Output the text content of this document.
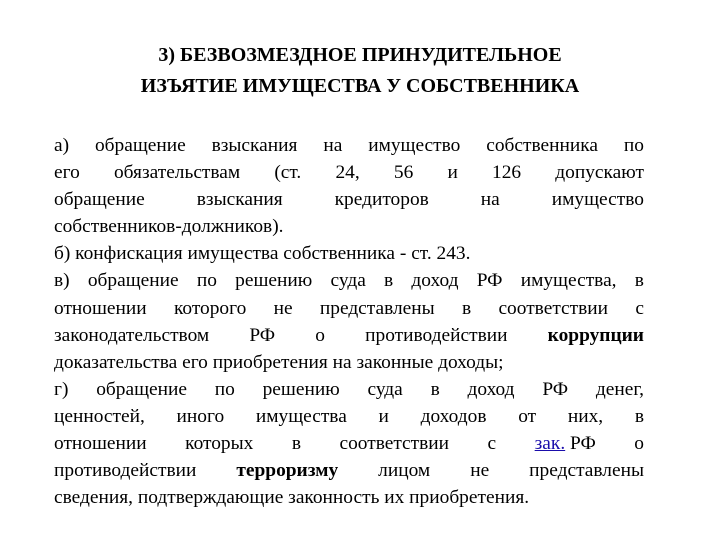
3) БЕЗВОЗМЕЗДНОЕ ПРИНУДИТЕЛЬНОЕ
ИЗЪЯТИЕ ИМУЩЕСТВА У СОБСТВЕННИКА
а) обращение взыскания на имущество собственника по
его обязательствам (ст. 24, 56 и 126 допускают
обращение	взыскания	кредиторов	на	имущество
собственников-должников).
б) конфискация имущества собственника - ст. 243.
в) обращение по решению суда в доход РФ имущества, в
отношении которого не представлены в соответствии с
законодательством РФ о противодействии коррупции
доказательства его приобретения на законные доходы;
г) обращение по решению суда в доход РФ денег,
ценностей, иного имущества и доходов от них, в
отношении которых в соответствии с зак. РФ о
противодействии терроризму лицом не представлены
сведения, подтверждающие законность их приобретения.
